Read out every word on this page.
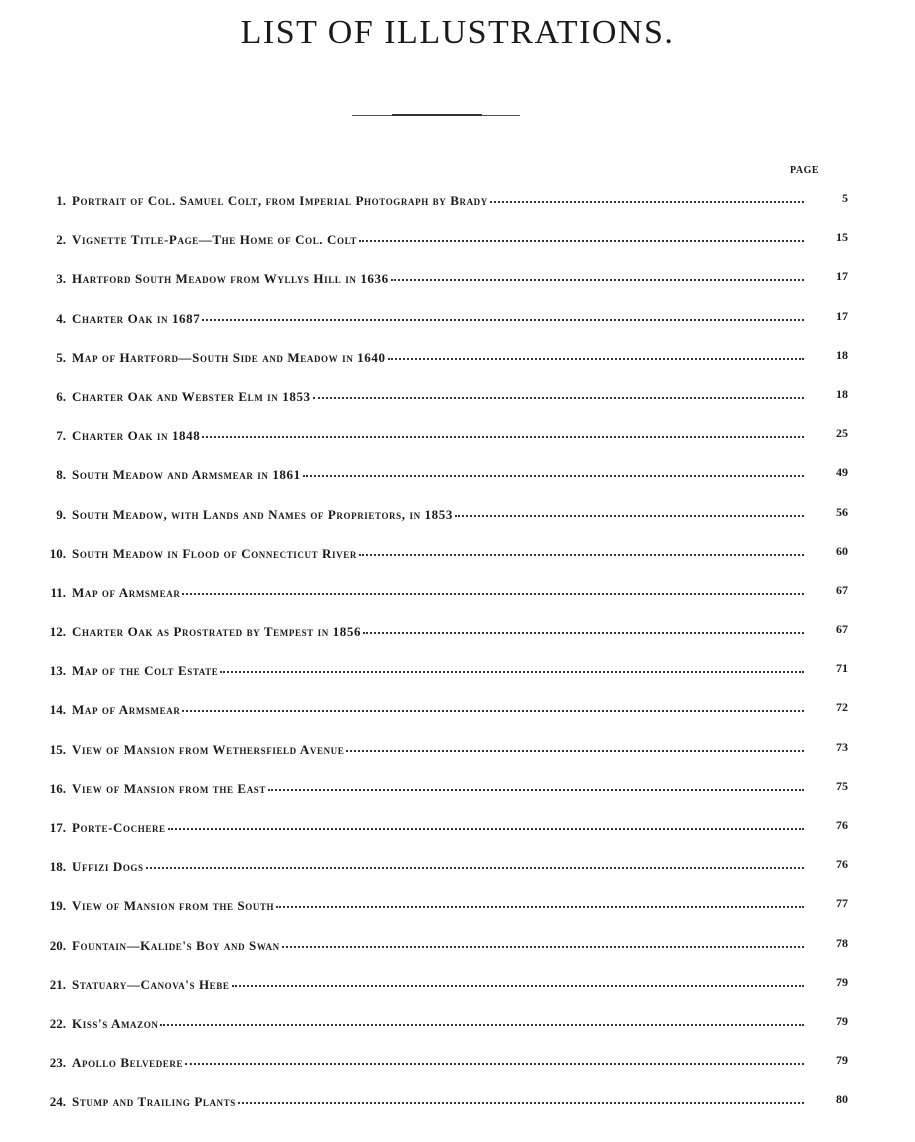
LIST OF ILLUSTRATIONS.
PAGE
1. Portrait of Col. Samuel Colt, from Imperial Photograph by Brady	5
2. Vignette Title-Page—The Home of Col. Colt	15
3. Hartford South Meadow from Wyllys Hill in 1636	17
4. Charter Oak in 1687	17
5. Map of Hartford—South Side and Meadow in 1640	18
6. Charter Oak and Webster Elm in 1853	18
7. Charter Oak in 1848	25
8. South Meadow and Armsmear in 1861	49
9. South Meadow, with Lands and Names of Proprietors, in 1853	56
10. South Meadow in Flood of Connecticut River	60
11. Map of Armsmear	67
12. Charter Oak as Prostrated by Tempest in 1856	67
13. Map of the Colt Estate	71
14. Map of Armsmear	72
15. View of Mansion from Wethersfield Avenue	73
16. View of Mansion from the East	75
17. Porte-Cochere	76
18. Uffizi Dogs	76
19. View of Mansion from the South	77
20. Fountain—Kalide's Boy and Swan	78
21. Statuary—Canova's Hebe	79
22. Kiss's Amazon	79
23. Apollo Belvedere	79
24. Stump and Trailing Plants	80
